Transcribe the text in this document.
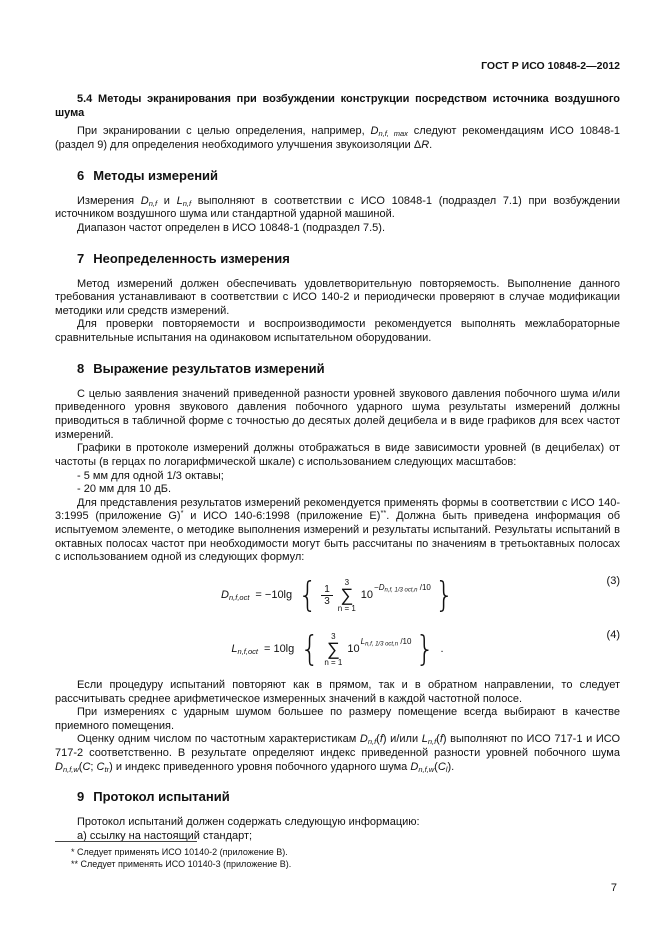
ГОСТ Р ИСО 10848-2—2012

5.4 Методы экранирования при возбуждении конструкции посредством источника воздушного шума

При экранировании с целью определения, например, $D_{n,f, max}$ следуют рекомендациям ИСО 10848-1 (раздел 9) для определения необходимого улучшения звукоизоляции ΔR.

6 Методы измерений

Измерения $D_{n,f}$ и $L_{n,f}$ выполняют в соответствии с ИСО 10848-1 (подраздел 7.1) при возбуждении источником воздушного шума или стандартной ударной машиной.

Диапазон частот определен в ИСО 10848-1 (подраздел 7.5).

7 Неопределенность измерения

Метод измерений должен обеспечивать удовлетворительную повторяемость. Выполнение данного требования устанавливают в соответствии с ИСО 140-2 и периодически проверяют в случае модификации методики или средств измерений.

Для проверки повторяемости и воспроизводимости рекомендуется выполнять межлабораторные сравнительные испытания на одинаковом испытательном оборудовании.

8 Выражение результатов измерений

С целью заявления значений приведенной разности уровней звукового давления побочного шума и/или приведенного уровня звукового давления побочного ударного шума результаты измерений должны приводиться в табличной форме с точностью до десятых долей децибела и в виде графиков для всех частот измерений.

Графики в протоколе измерений должны отображаться в виде зависимости уровней (в децибелах) от частоты (в герцах по логарифмической шкале) с использованием следующих масштабов:

- 5 мм для одной 1/3 октавы;

- 20 мм для 10 дБ.

Для представления результатов измерений рекомендуется применять формы в соответствии с ИСО 140-3:1995 (приложение G)* и ИСО 140-6:1998 (приложение E)**. Должна быть приведена информация об испытуемом элементе, о методике выполнения измерений и результаты испытаний. Результаты испытаний в октавных полосах частот при необходимости могут быть рассчитаны по значениям в третьоктавных полосах с использованием одной из следующих формул:

$D_{n,f,oct} = -10\lg$ { $\frac{1}{3}$
3
∑
n = 1
10
$-D_{n,f, 1/3 oct,n}$ /10 }	(3)
$L_{n,f,oct} = 10\lg$ { 3
∑
n = 1
10
$L_{n,f, 1/3 oct,n}$ /10 } .
(4)

Если процедуру испытаний повторяют как в прямом, так и в обратном направлении, то следует рассчитывать среднее арифметическое измеренных значений в каждой частотной полосе.

При измерениях с ударным шумом большее по размеру помещение всегда выбирают в качестве приемного помещения.

Оценку одним числом по частотным характеристикам $D_{n,f}(f)$ и/или $L_{n,f}(f)$ выполняют по ИСО 717-1 и ИСО 717-2 соответственно. В результате определяют индекс приведенной разности уровней побочного шума $D_{n,f,w}(C$; $C_{tr}$) и индекс приведенного уровня побочного ударного шума $D_{n,f,w}(C_l)$.

9 Протокол испытаний

Протокол испытаний должен содержать следующую информацию:

а) ссылку на настоящий стандарт;

* Следует применять ИСО 10140-2 (приложение B).

** Следует применять ИСО 10140-3 (приложение B).

7
